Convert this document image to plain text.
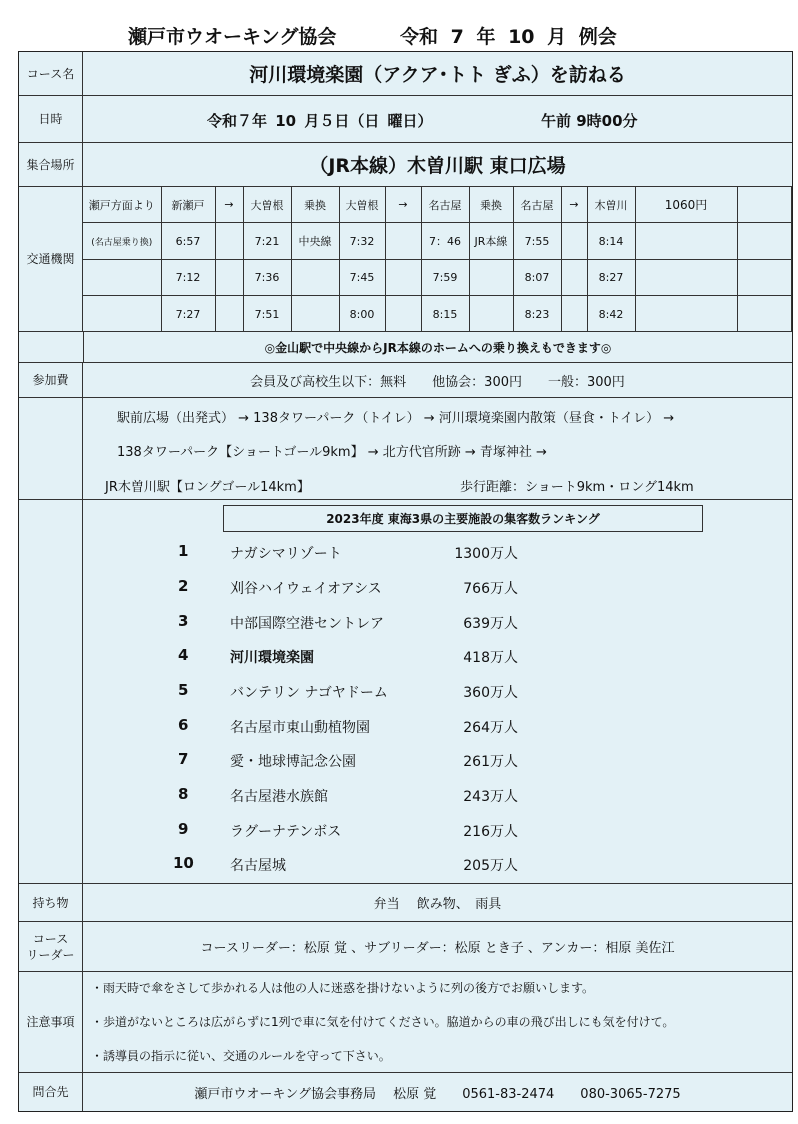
瀬戸市ウオーキング協会	令和 7 年 10 月 例会
コース名	河川環境楽園（アクア･トト ぎふ）を訪ねる
日時	令和７年 10 月５日（日 曜日）	午前 9時00分
集合場所	（JR本線）木曽川駅 東口広場
交通機関
瀬戸方面より	新瀬戸	→	大曽根	乗換	大曽根	→	名古屋	乗換	名古屋	→	木曽川	1060円	
(名古屋乗り換)	6:57		7:21	中央線	7:32		7：46	JR本線	7:55		8:14		
	7:12		7:36		7:45		7:59		8:07		8:27		
	7:27		7:51		8:00		8:15		8:23		8:42		
◎金山駅で中央線からJR本線のホームへの乗り換えもできます◎
参加費	会員及び高校生以下：無料　　他協会：300円　　一般：300円
駅前広場（出発式） → 138タワーパーク（トイレ） → 河川環境楽園内散策（昼食・トイレ） →
138タワーパーク【ショートゴール9km】 → 北方代官所跡 → 青塚神社 →
JR木曽川駅【ロングゴール14km】	歩行距離：ショート9km・ロング14km
2023年度 東海3県の主要施設の集客数ランキング
1	ナガシマリゾート	1300万人
2	刈谷ハイウェイオアシス	766万人
3	中部国際空港セントレア	639万人
4	河川環境楽園	418万人
5	バンテリン ナゴヤドーム	360万人
6	名古屋市東山動植物園	264万人
7	愛・地球博記念公園	261万人
8	名古屋港水族館	243万人
9	ラグーナテンボス	216万人
10	名古屋城	205万人
持ち物	弁当　 飲み物、　雨具
コース
リーダー	コースリーダー：松原 覚 、サブリーダー：松原 とき子 、アンカー：相原 美佐江
注意事項
・雨天時で傘をさして歩かれる人は他の人に迷惑を掛けないように列の後方でお願いします。
・歩道がないところは広がらずに1列で車に気を付けてください。脇道からの車の飛び出しにも気を付けて。
・誘導員の指示に従い、交通のルールを守って下さい。
問合先	瀬戸市ウオーキング協会事務局　 松原 覚　　0561-83-2474　　080-3065-7275
